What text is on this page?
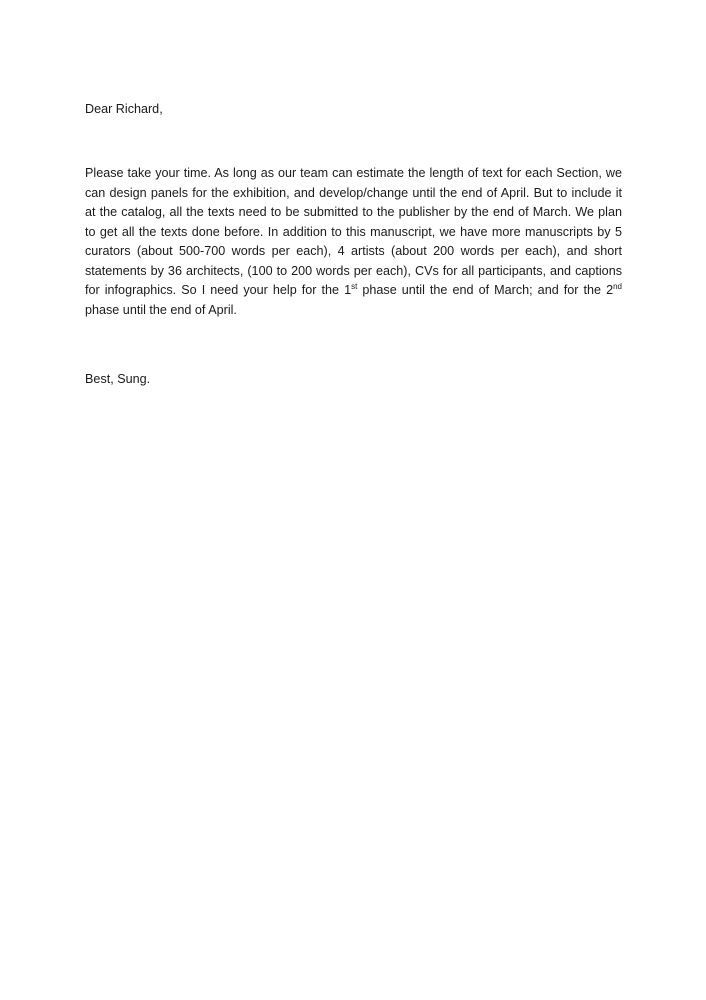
Dear Richard,

Please take your time. As long as our team can estimate the length of text for each Section, we can design panels for the exhibition, and develop/change until the end of April. But to include it at the catalog, all the texts need to be submitted to the publisher by the end of March. We plan to get all the texts done before. In addition to this manuscript, we have more manuscripts by 5 curators (about 500-700 words per each), 4 artists (about 200 words per each), and short statements by 36 architects, (100 to 200 words per each), CVs for all participants, and captions for infographics. So I need your help for the 1st phase until the end of March; and for the 2nd phase until the end of April.

Best, Sung.
